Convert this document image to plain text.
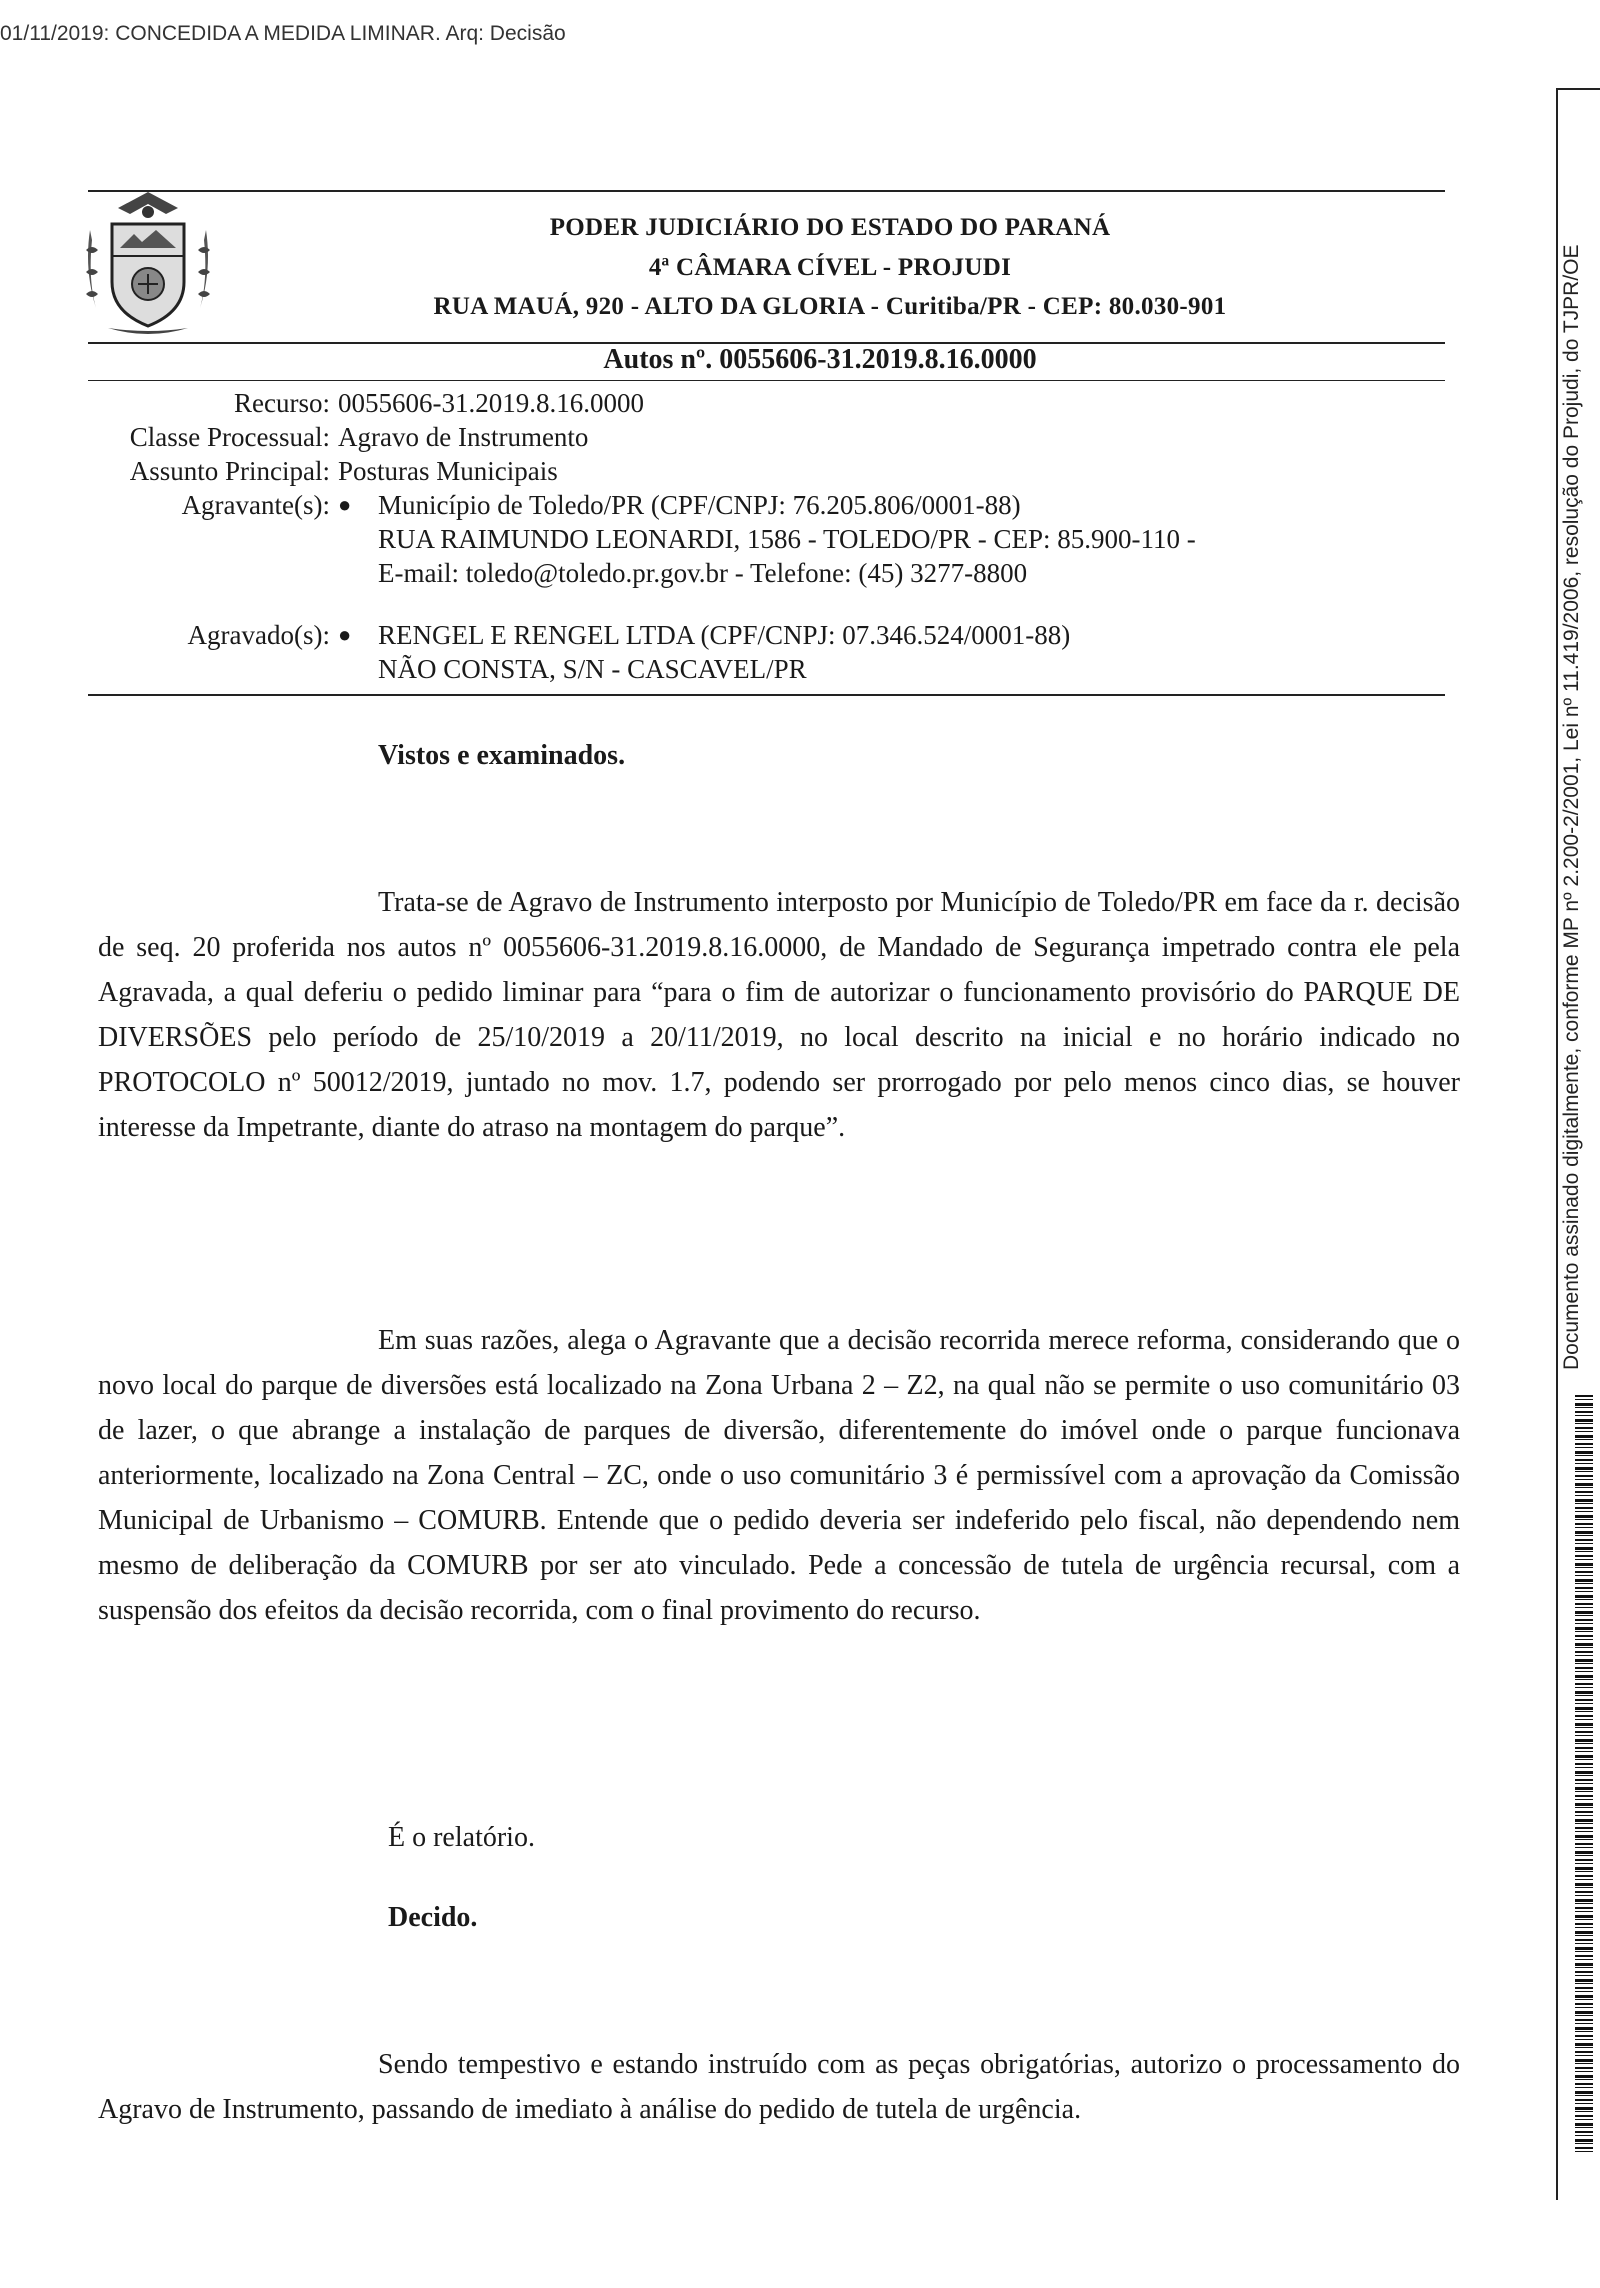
01/11/2019: CONCEDIDA A MEDIDA LIMINAR. Arq: Decisão
PODER JUDICIÁRIO DO ESTADO DO PARANÁ
4ª CÂMARA CÍVEL - PROJUDI
RUA MAUÁ, 920 - ALTO DA GLORIA - Curitiba/PR - CEP: 80.030-901
Autos nº. 0055606-31.2019.8.16.0000
Recurso: 0055606-31.2019.8.16.0000
Classe Processual: Agravo de Instrumento
Assunto Principal: Posturas Municipais
Agravante(s): ● Município de Toledo/PR (CPF/CNPJ: 76.205.806/0001-88)
RUA RAIMUNDO LEONARDI, 1586 - TOLEDO/PR - CEP: 85.900-110 -
E-mail: toledo@toledo.pr.gov.br - Telefone: (45) 3277-8800
Agravado(s): ● RENGEL E RENGEL LTDA (CPF/CNPJ: 07.346.524/0001-88)
NÃO CONSTA, S/N - CASCAVEL/PR
Vistos e examinados.
Trata-se de Agravo de Instrumento interposto por Município de Toledo/PR em face da r. decisão de seq. 20 proferida nos autos nº 0055606-31.2019.8.16.0000, de Mandado de Segurança impetrado contra ele pela Agravada, a qual deferiu o pedido liminar para “para o fim de autorizar o funcionamento provisório do PARQUE DE DIVERSÕES pelo período de 25/10/2019 a 20/11/2019, no local descrito na inicial e no horário indicado no PROTOCOLO nº 50012/2019, juntado no mov. 1.7, podendo ser prorrogado por pelo menos cinco dias, se houver interesse da Impetrante, diante do atraso na montagem do parque”.
Em suas razões, alega o Agravante que a decisão recorrida merece reforma, considerando que o novo local do parque de diversões está localizado na Zona Urbana 2 – Z2, na qual não se permite o uso comunitário 03 de lazer, o que abrange a instalação de parques de diversão, diferentemente do imóvel onde o parque funcionava anteriormente, localizado na Zona Central – ZC, onde o uso comunitário 3 é permissível com a aprovação da Comissão Municipal de Urbanismo – COMURB. Entende que o pedido deveria ser indeferido pelo fiscal, não dependendo nem mesmo de deliberação da COMURB por ser ato vinculado. Pede a concessão de tutela de urgência recursal, com a suspensão dos efeitos da decisão recorrida, com o final provimento do recurso.
É o relatório.
Decido.
Sendo tempestivo e estando instruído com as peças obrigatórias, autorizo o processamento do Agravo de Instrumento, passando de imediato à análise do pedido de tutela de urgência.
Documento assinado digitalmente, conforme MP nº 2.200-2/2001, Lei nº 11.419/2006, resolução do Projudi, do TJPR/OE
